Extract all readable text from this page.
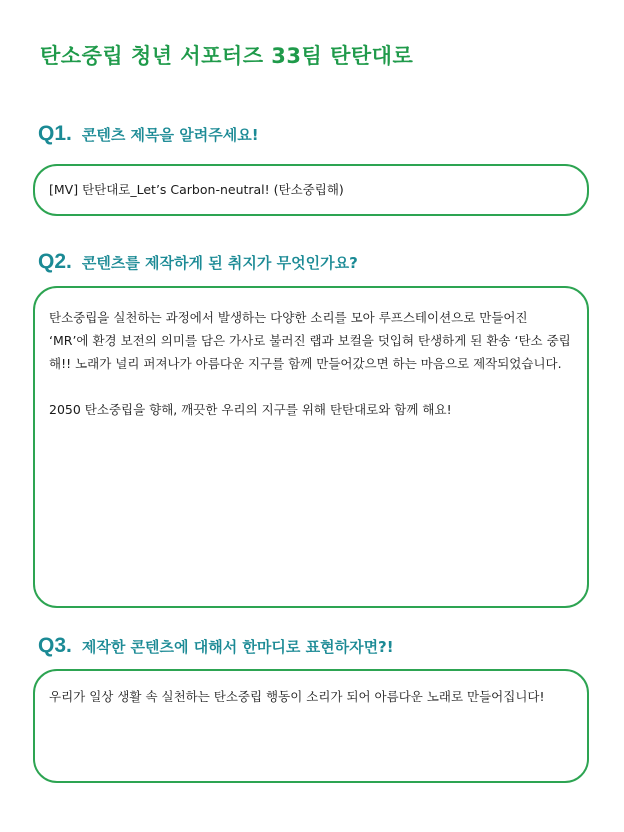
탄소중립 청년 서포터즈 33팀 탄탄대로
Q1. 콘텐츠 제목을 알려주세요!

[MV] 탄탄대로_Let’s Carbon-neutral! (탄소중립해)

Q2. 콘텐츠를 제작하게 된 취지가 무엇인가요?

탄소중립을 실천하는 과정에서 발생하는 다양한 소리를 모아 루프스테이션으로 만들어진 ‘MR’에 환경 보전의 의미를 담은 가사로 불러진 랩과 보컬을 덧입혀 탄생하게 된 환송 ‘탄소 중립해!! 노래가 널리 퍼져나가 아름다운 지구를 함께 만들어갔으면 하는 마음으로 제작되었습니다.

2050 탄소중립을 향해, 깨끗한 우리의 지구를 위해 탄탄대로와 함께 해요!

Q3. 제작한 콘텐츠에 대해서 한마디로 표현하자면?!

우리가 일상 생활 속 실천하는 탄소중립 행동이 소리가 되어 아름다운 노래로 만들어집니다!
